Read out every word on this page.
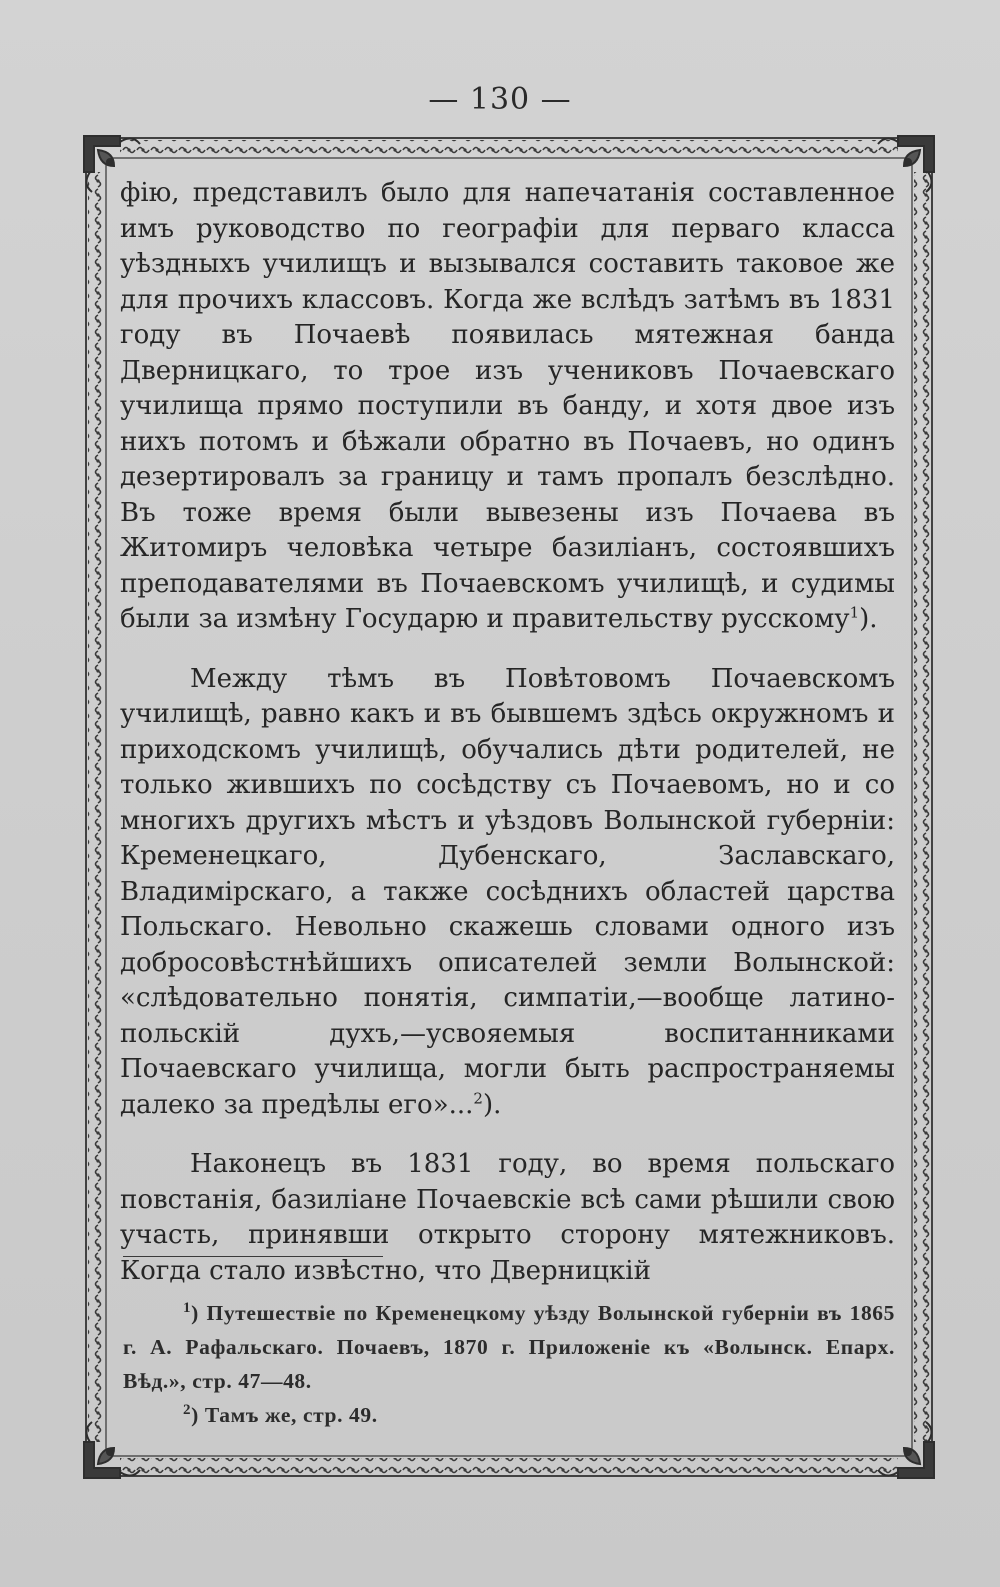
— 130 —

фію, представилъ было для напечатанія составленное имъ руководство по географіи для перваго класса уѣздныхъ училищъ и вызывался составить таковое же для прочихъ классовъ. Когда же вслѣдъ затѣмъ въ 1831 году въ Почаевѣ появилась мятежная банда Дверницкаго, то трое изъ учениковъ Почаевскаго училища прямо поступили въ банду, и хотя двое изъ нихъ потомъ и бѣжали обратно въ Почаевъ, но одинъ дезертировалъ за границу и тамъ пропалъ безслѣдно. Въ тоже время были вывезены изъ Почаева въ Житомиръ человѣка четыре базиліанъ, состоявшихъ преподавателями въ Почаевскомъ училищѣ, и судимы были за измѣну Государю и правительству русскому$^1$).

Между тѣмъ въ Повѣтовомъ Почаевскомъ училищѣ, равно какъ и въ бывшемъ здѣсь окружномъ и приходскомъ училищѣ, обучались дѣти родителей, не только жившихъ по сосѣдству съ Почаевомъ, но и со многихъ другихъ мѣстъ и уѣздовъ Волынской губерніи: Кременецкаго, Дубенскаго, Заславскаго, Владимірскаго, а также сосѣднихъ областей царства Польскаго. Невольно скажешь словами одного изъ добросовѣстнѣйшихъ описателей земли Волынской: «слѣдовательно понятія, симпатіи,—вообще латино-польскій духъ,—усвояемыя воспитанниками Почаевскаго училища, могли быть распространяемы далеко за предѣлы его»...$^2$).

Наконецъ въ 1831 году, во время польскаго повстанія, базиліане Почаевскіе всѣ сами рѣшили свою участь, принявши открыто сторону мятежниковъ. Когда стало извѣстно, что Дверницкій

$^1$) Путешествіе по Кременецкому уѣзду Волынской губерніи въ 1865 г. А. Рафальскаго. Почаевъ, 1870 г. Приложеніе къ «Волынск. Епарх. Вѣд.», стр. 47—48.

$^2$) Тамъ же, стр. 49.
